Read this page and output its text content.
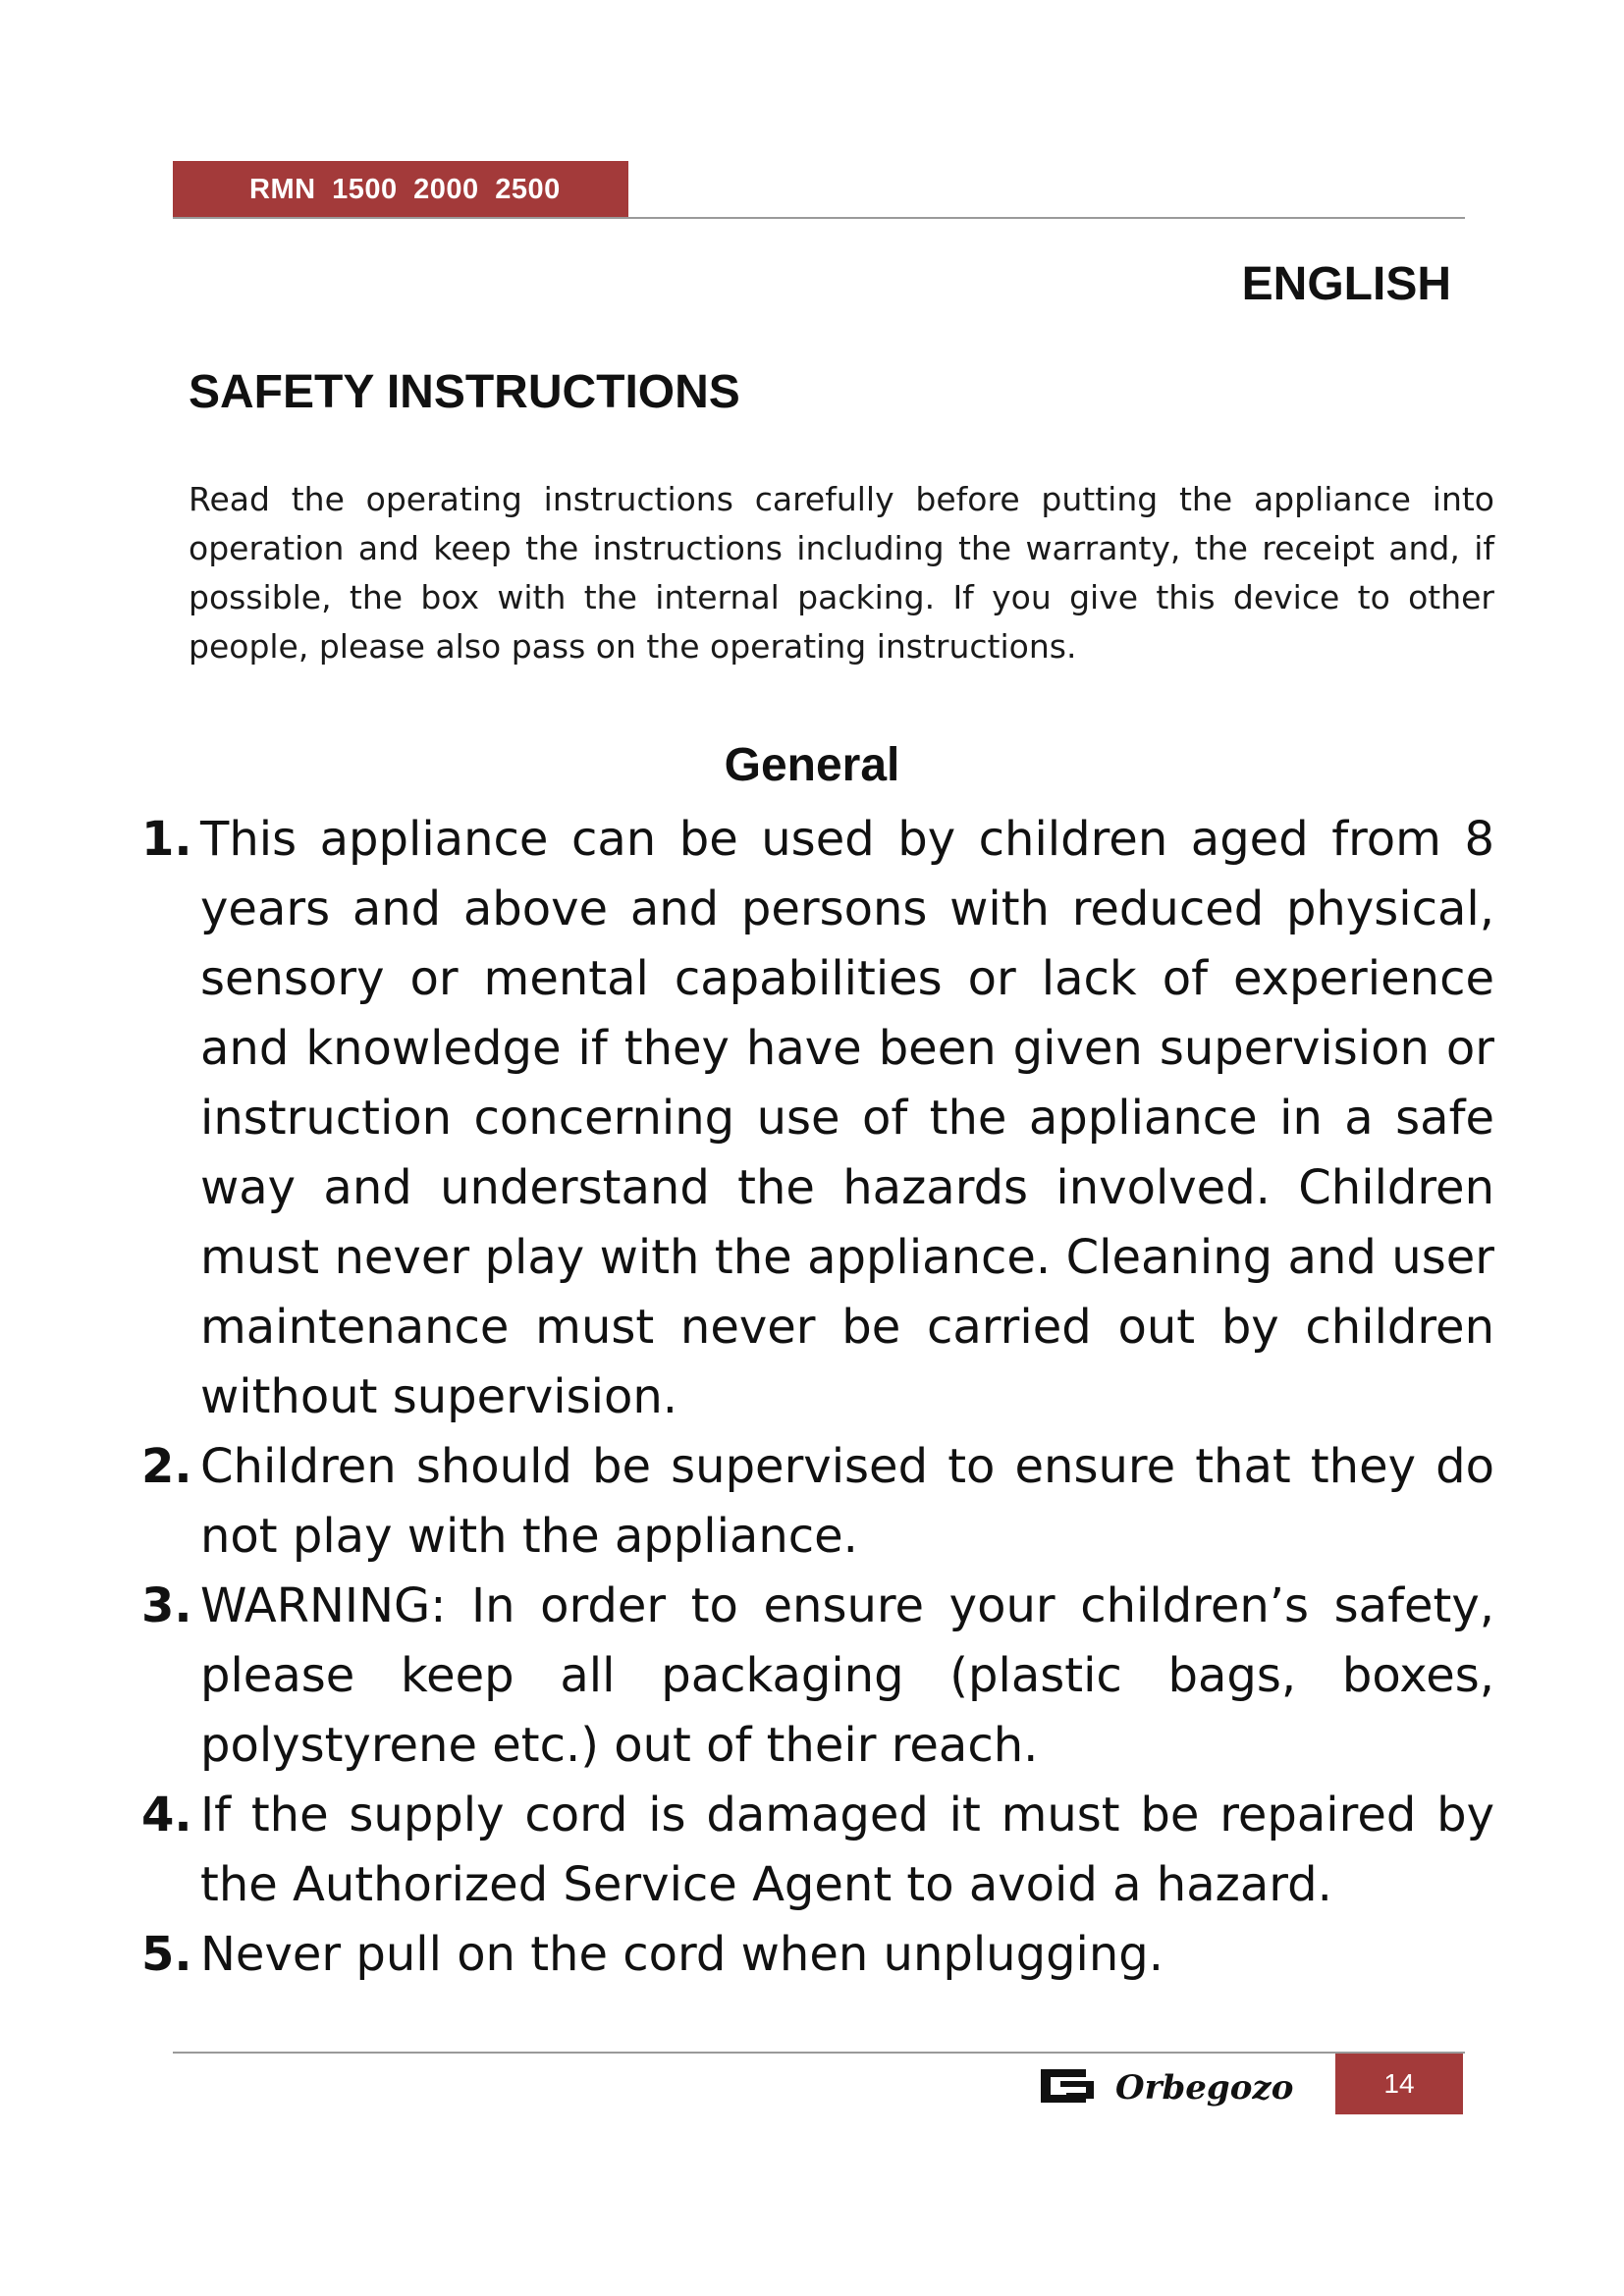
RMN 1500 2000 2500
ENGLISH
SAFETY INSTRUCTIONS

Read the operating instructions carefully before putting the appliance into operation and keep the instructions including the warranty, the receipt and, if possible, the box with the internal packing. If you give this device to other people, please also pass on the operating instructions.

General
1. This appliance can be used by children aged from 8 years and above and persons with reduced physical, sensory or mental capabilities or lack of experience and knowledge if they have been given supervision or instruction concerning use of the appliance in a safe way and understand the hazards involved. Children must never play with the appliance. Cleaning and user maintenance must never be carried out by children without supervision.
2. Children should be supervised to ensure that they do not play with the appliance.
3. WARNING: In order to ensure your children’s safety, please keep all packaging (plastic bags, boxes, polystyrene etc.) out of their reach.
4. If the supply cord is damaged it must be repaired by the Authorized Service Agent to avoid a hazard.
5. Never pull on the cord when unplugging.
Orbegozo	14
